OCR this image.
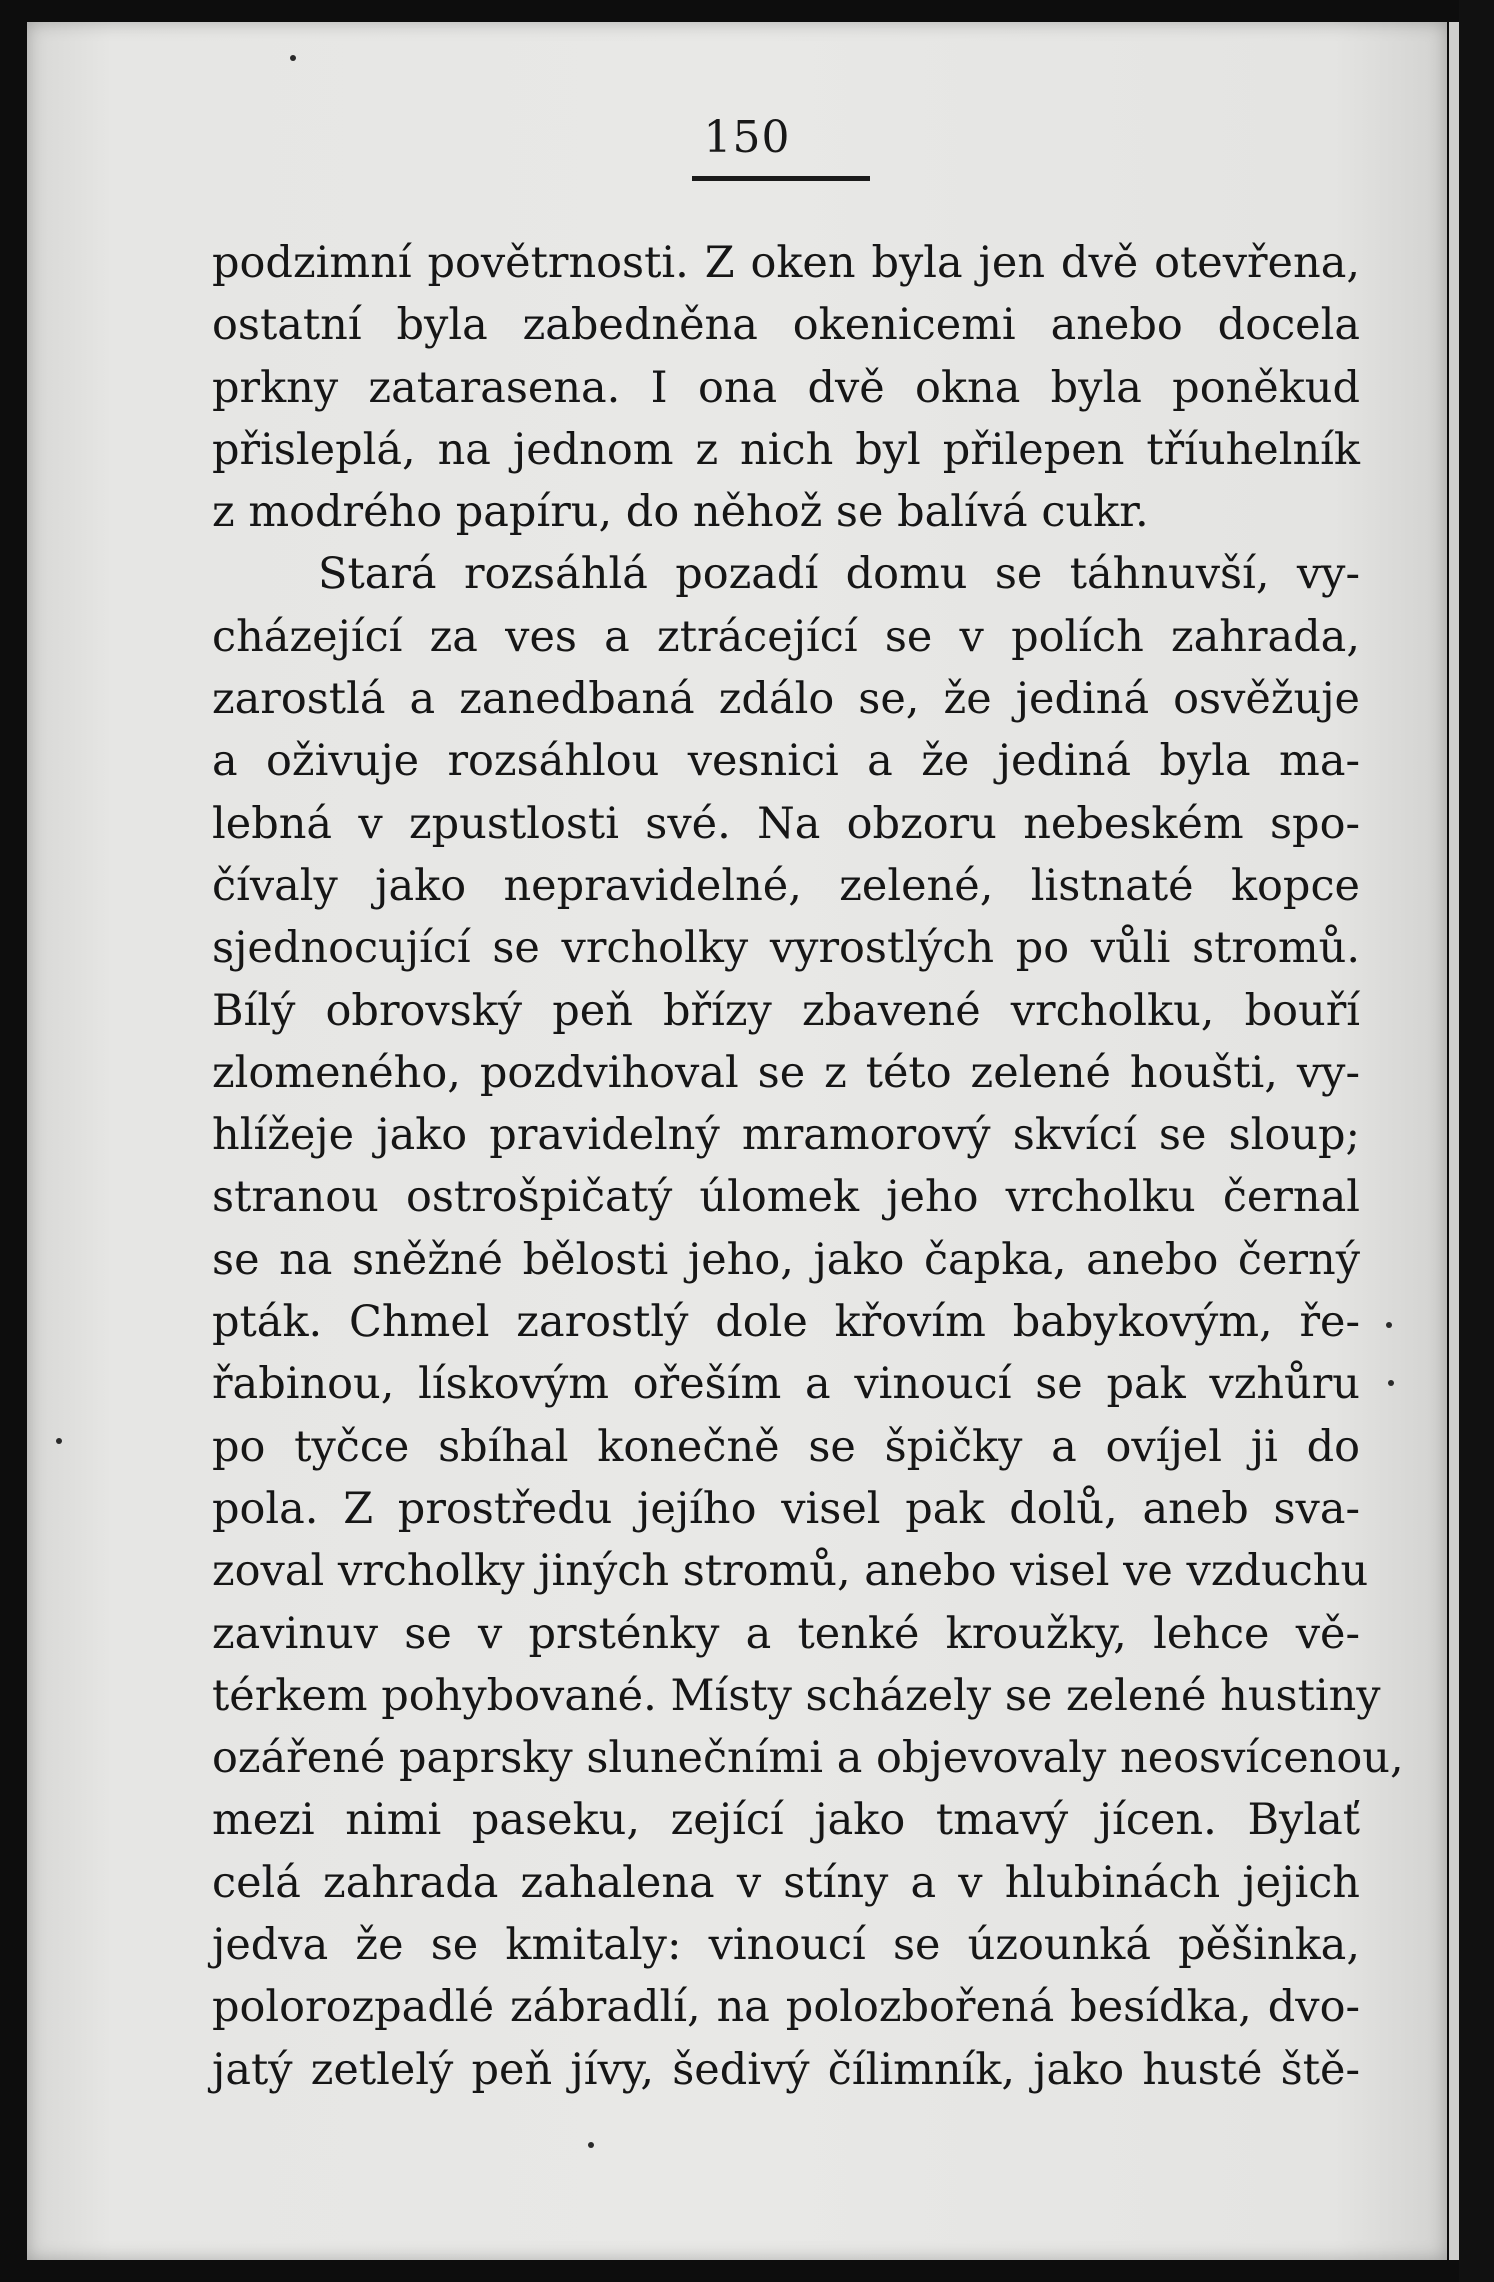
150
podzimní povětrnosti. Z oken byla jen dvě otevřena,
ostatní byla zabedněna okenicemi anebo docela
prkny zatarasena. I ona dvě okna byla poněkud
přisleplá, na jednom z nich byl přilepen tříuhelník
z modrého papíru, do něhož se balívá cukr.
Stará rozsáhlá pozadí domu se táhnuvší, vy-
cházející za ves a ztrácející se v polích zahrada,
zarostlá a zanedbaná zdálo se, že jediná osvěžuje
a oživuje rozsáhlou vesnici a že jediná byla ma-
lebná v zpustlosti své. Na obzoru nebeském spo-
čívaly jako nepravidelné, zelené, listnaté kopce
sjednocující se vrcholky vyrostlých po vůli stromů.
Bílý obrovský peň břízy zbavené vrcholku, bouří
zlomeného, pozdvihoval se z této zelené houšti, vy-
hlížeje jako pravidelný mramorový skvící se sloup;
stranou ostrošpičatý úlomek jeho vrcholku černal
se na sněžné bělosti jeho, jako čapka, anebo černý
pták. Chmel zarostlý dole křovím babykovým, ře-
řabinou, lískovým ořeším a vinoucí se pak vzhůru
po tyčce sbíhal konečně se špičky a ovíjel ji do
pola. Z prostředu jejího visel pak dolů, aneb sva-
zoval vrcholky jiných stromů, anebo visel ve vzduchu
zavinuv se v prsténky a tenké kroužky, lehce vě-
térkem pohybované. Místy scházely se zelené hustiny
ozářené paprsky slunečními a objevovaly neosvícenou,
mezi nimi paseku, zející jako tmavý jícen. Bylať
celá zahrada zahalena v stíny a v hlubinách jejich
jedva že se kmitaly: vinoucí se úzounká pěšinka,
polorozpadlé zábradlí, na polozbořená besídka, dvo-
jatý zetlelý peň jívy, šedivý čílimník, jako husté ště-
